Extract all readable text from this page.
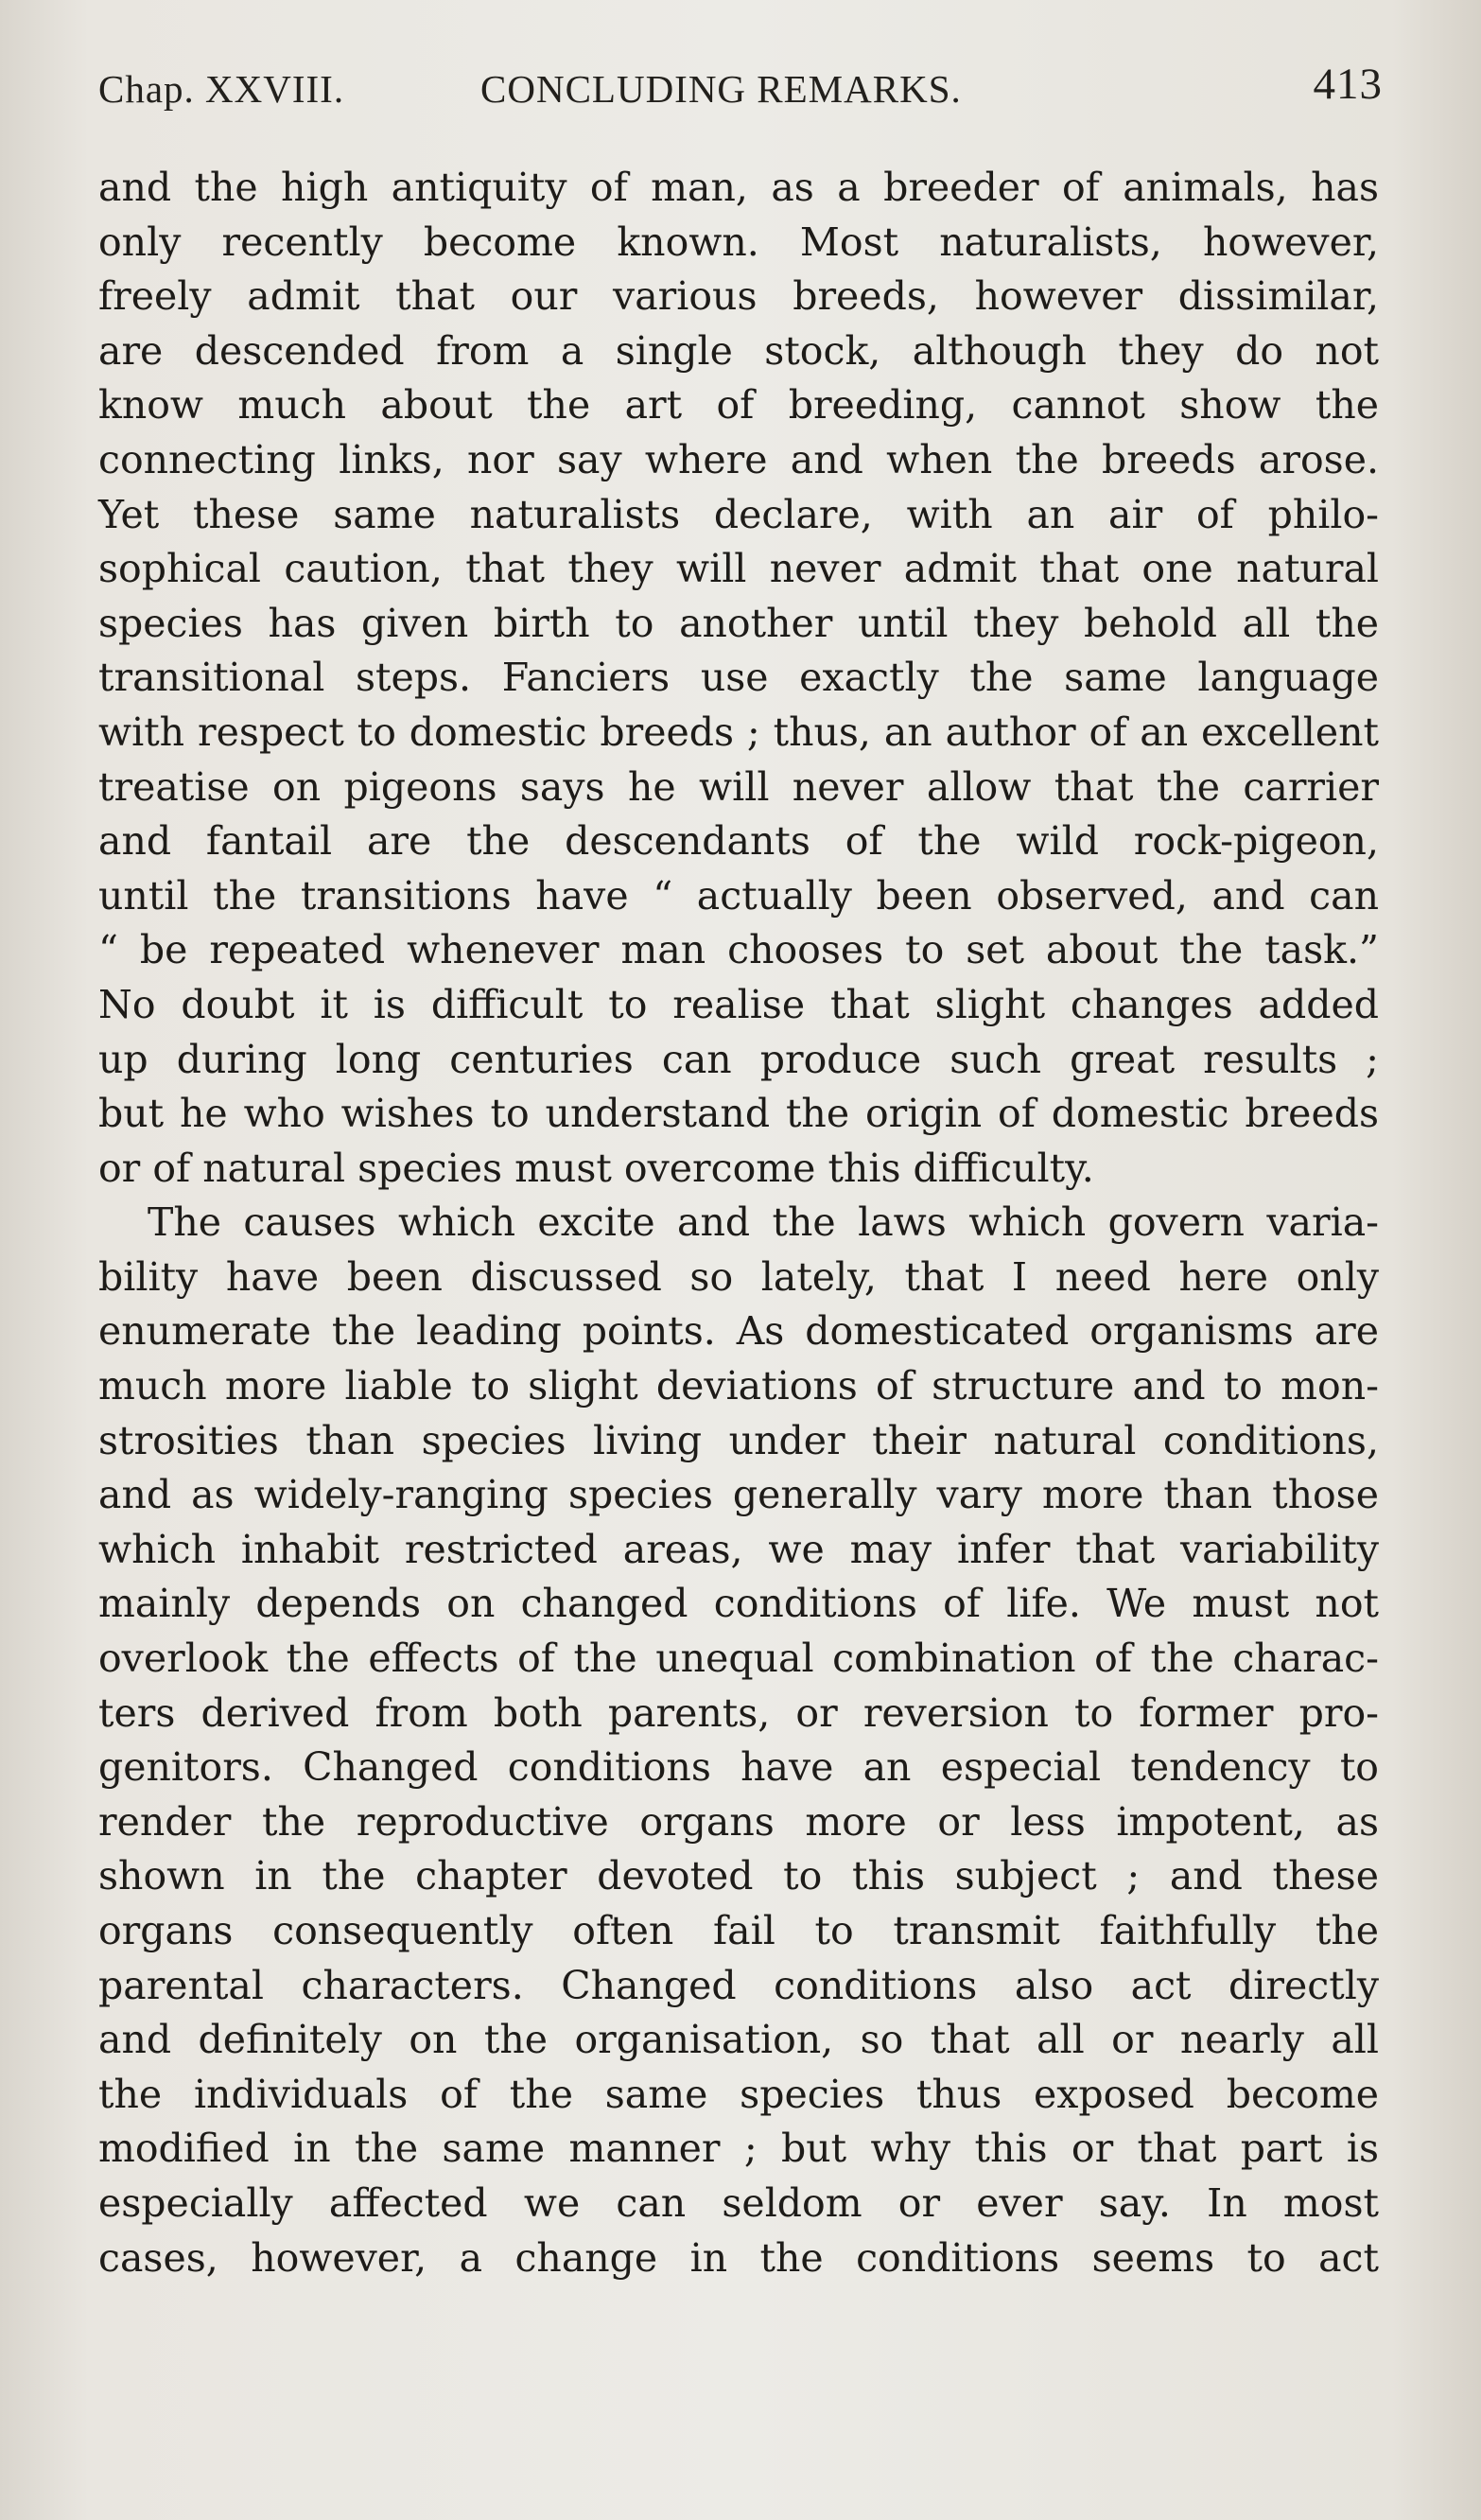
Chap. XXVIII.	CONCLUDING REMARKS.	413
and the high antiquity of man, as a breeder of animals, has
only recently become known. Most naturalists, however,
freely admit that our various breeds, however dissimilar,
are descended from a single stock, although they do not
know much about the art of breeding, cannot show the
connecting links, nor say where and when the breeds arose.
Yet these same naturalists declare, with an air of philo-
sophical caution, that they will never admit that one natural
species has given birth to another until they behold all the
transitional steps. Fanciers use exactly the same language
with respect to domestic breeds ; thus, an author of an excellent
treatise on pigeons says he will never allow that the carrier
and fantail are the descendants of the wild rock-pigeon,
until the transitions have “ actually been observed, and can
“ be repeated whenever man chooses to set about the task.”
No doubt it is difficult to realise that slight changes added
up during long centuries can produce such great results ;
but he who wishes to understand the origin of domestic breeds
or of natural species must overcome this difficulty.
The causes which excite and the laws which govern varia-
bility have been discussed so lately, that I need here only
enumerate the leading points. As domesticated organisms are
much more liable to slight deviations of structure and to mon-
strosities than species living under their natural conditions,
and as widely-ranging species generally vary more than those
which inhabit restricted areas, we may infer that variability
mainly depends on changed conditions of life. We must not
overlook the effects of the unequal combination of the charac-
ters derived from both parents, or reversion to former pro-
genitors. Changed conditions have an especial tendency to
render the reproductive organs more or less impotent, as
shown in the chapter devoted to this subject ; and these
organs consequently often fail to transmit faithfully the
parental characters. Changed conditions also act directly
and definitely on the organisation, so that all or nearly all
the individuals of the same species thus exposed become
modified in the same manner ; but why this or that part is
especially affected we can seldom or ever say. In most
cases, however, a change in the conditions seems to act
